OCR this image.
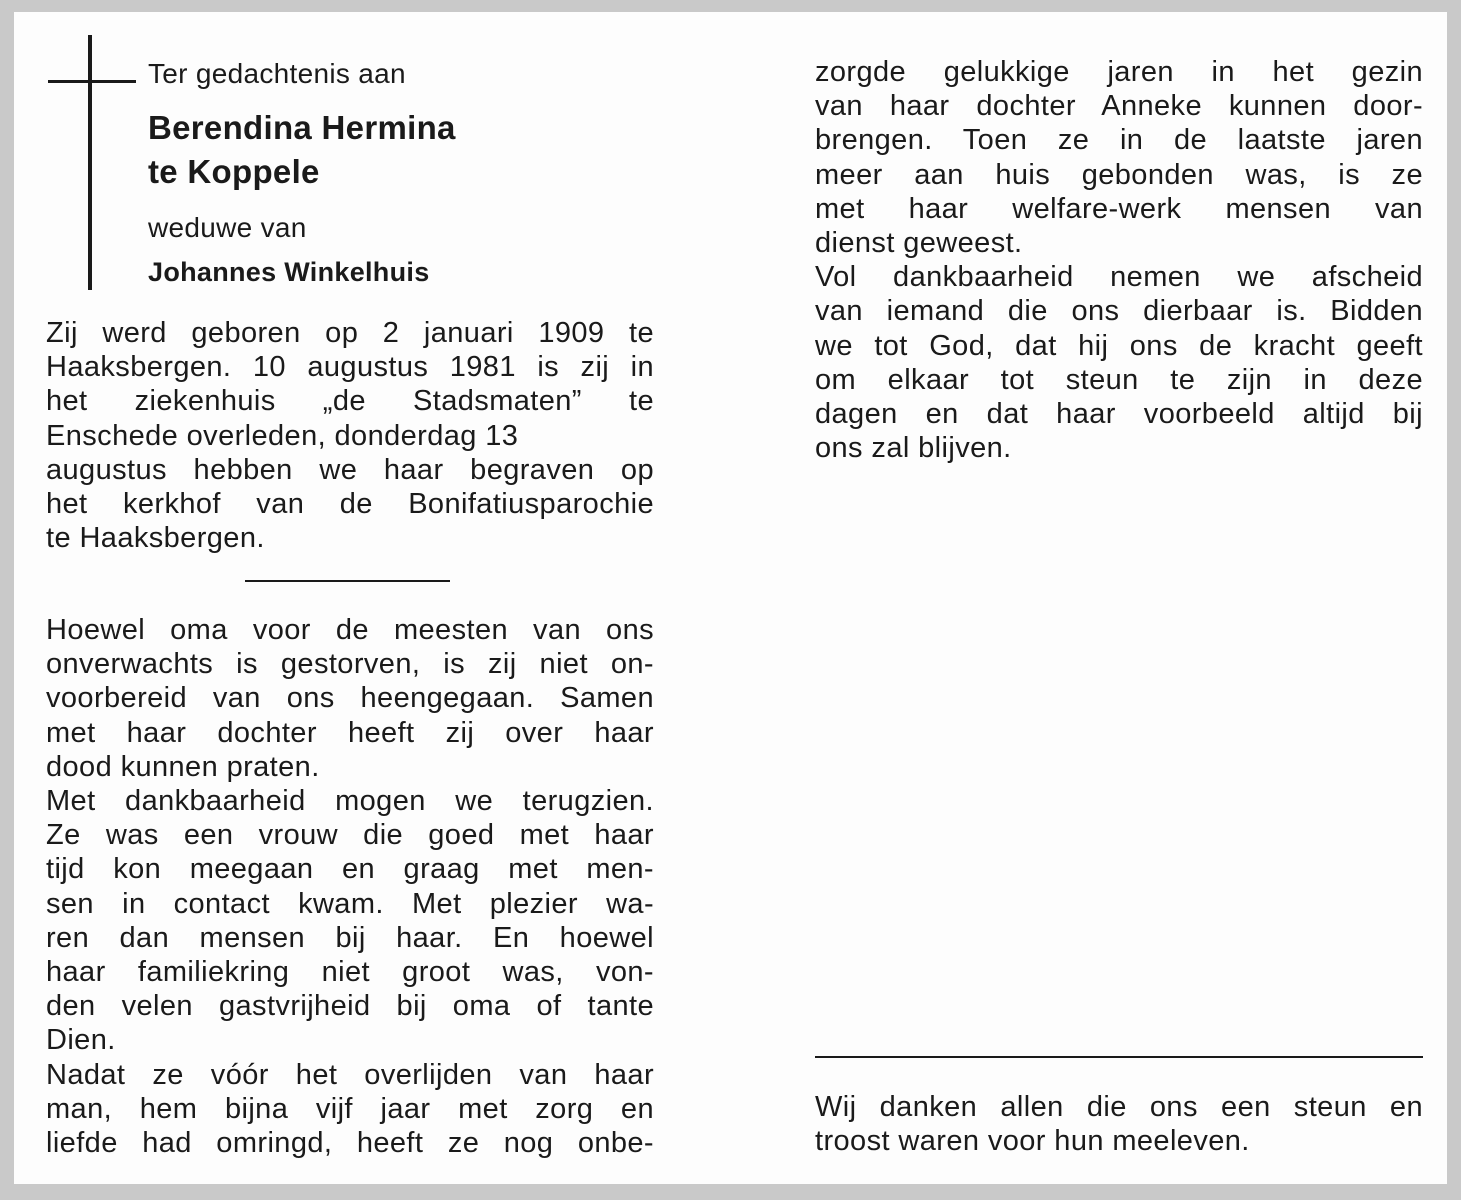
Ter gedachtenis aan
Berendina Hermina
te Koppele
weduwe van
Johannes Winkelhuis

Zij werd geboren op 2 januari 1909 te

Haaksbergen. 10 augustus 1981 is zij in

het ziekenhuis „de Stadsmaten” te

Enschede overleden, donderdag 13

augustus hebben we haar begraven op

het kerkhof van de Bonifatiusparochie

te Haaksbergen.

Hoewel oma voor de meesten van ons

onverwachts is gestorven, is zij niet on-

voorbereid van ons heengegaan. Samen

met haar dochter heeft zij over haar

dood kunnen praten.

Met dankbaarheid mogen we terugzien.

Ze was een vrouw die goed met haar

tijd kon meegaan en graag met men-

sen in contact kwam. Met plezier wa-

ren dan mensen bij haar. En hoewel

haar familiekring niet groot was, von-

den velen gastvrijheid bij oma of tante

Dien.

Nadat ze vóór het overlijden van haar

man, hem bijna vijf jaar met zorg en

liefde had omringd, heeft ze nog onbe-

zorgde gelukkige jaren in het gezin

van haar dochter Anneke kunnen door-

brengen. Toen ze in de laatste jaren

meer aan huis gebonden was, is ze

met haar welfare-werk mensen van

dienst geweest.

Vol dankbaarheid nemen we afscheid

van iemand die ons dierbaar is. Bidden

we tot God, dat hij ons de kracht geeft

om elkaar tot steun te zijn in deze

dagen en dat haar voorbeeld altijd bij

ons zal blijven.

Wij danken allen die ons een steun en

troost waren voor hun meeleven.
